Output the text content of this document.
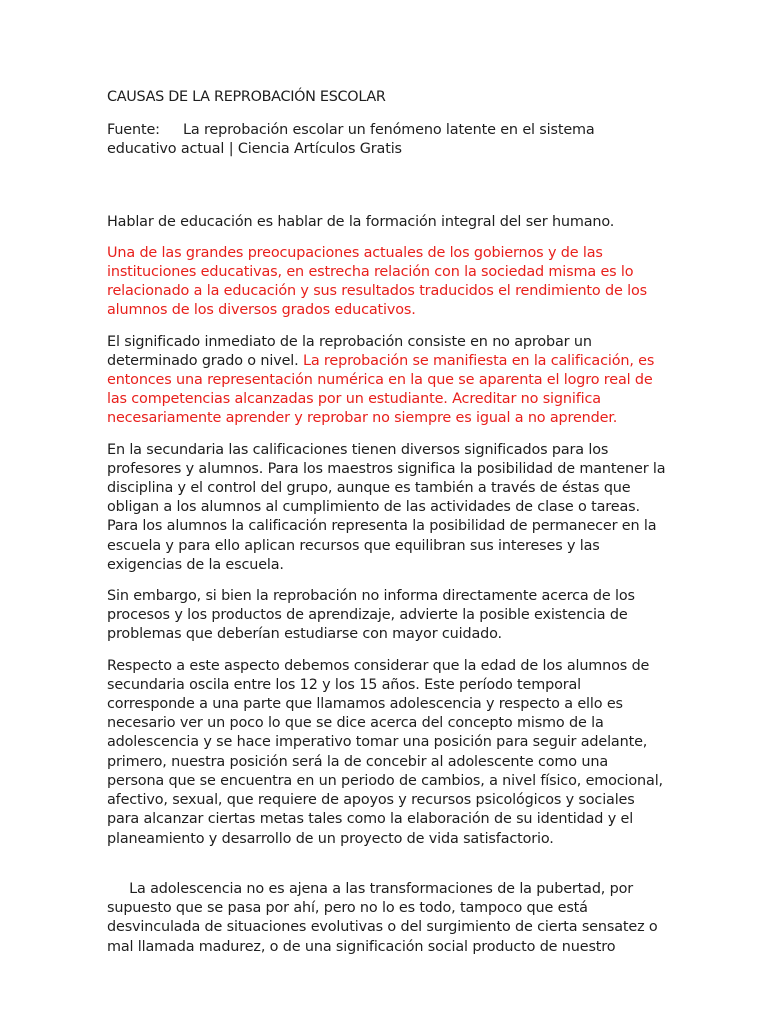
CAUSAS DE LA REPROBACIÓN ESCOLAR

Fuente: La reprobación escolar un fenómeno latente en el sistema educativo actual | Ciencia Artículos Gratis

Hablar de educación es hablar de la formación integral del ser humano.

Una de las grandes preocupaciones actuales de los gobiernos y de las instituciones educativas, en estrecha relación con la sociedad misma es lo relacionado a la educación y sus resultados traducidos el rendimiento de los alumnos de los diversos grados educativos.

El significado inmediato de la reprobación consiste en no aprobar un determinado grado o nivel. La reprobación se manifiesta en la calificación, es entonces una representación numérica en la que se aparenta el logro real de las competencias alcanzadas por un estudiante. Acreditar no significa necesariamente aprender y reprobar no siempre es igual a no aprender.

En la secundaria las calificaciones tienen diversos significados para los profesores y alumnos. Para los maestros significa la posibilidad de mantener la disciplina y el control del grupo, aunque es también a través de éstas que obligan a los alumnos al cumplimiento de las actividades de clase o tareas. Para los alumnos la calificación representa la posibilidad de permanecer en la escuela y para ello aplican recursos que equilibran sus intereses y las exigencias de la escuela.

Sin embargo, si bien la reprobación no informa directamente acerca de los procesos y los productos de aprendizaje, advierte la posible existencia de problemas que deberían estudiarse con mayor cuidado.

Respecto a este aspecto debemos considerar que la edad de los alumnos de secundaria oscila entre los 12 y los 15 años. Este período temporal corresponde a una parte que llamamos adolescencia y respecto a ello es necesario ver un poco lo que se dice acerca del concepto mismo de la adolescencia y se hace imperativo tomar una posición para seguir adelante, primero, nuestra posición será la de concebir al adolescente como una persona que se encuentra en un periodo de cambios, a nivel físico, emocional, afectivo, sexual, que requiere de apoyos y recursos psicológicos y sociales para alcanzar ciertas metas tales como la elaboración de su identidad y el planeamiento y desarrollo de un proyecto de vida satisfactorio.

La adolescencia no es ajena a las transformaciones de la pubertad, por supuesto que se pasa por ahí, pero no lo es todo, tampoco que está desvinculada de situaciones evolutivas o del surgimiento de cierta sensatez o mal llamada madurez, o de una significación social producto de nuestro
